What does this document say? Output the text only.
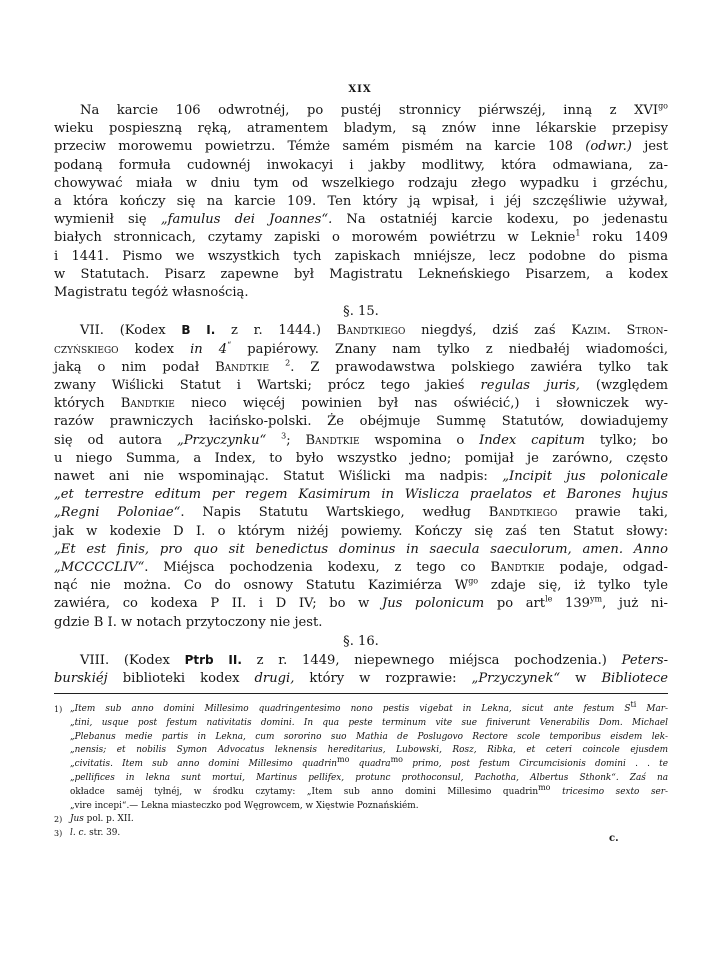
XIX

Na karcie 106 odwrotnéj, po pustéj stronnicy piérwszéj, inną z $XVI^{go}$
wieku pospieszną ręką, atramentem bladym, są znów inne lékarskie przepisy
przeciw morowemu powietrzu. Témże samém pismém na karcie 108 (odwr.) jest
podaną formuła cudownéj inwokacyi i jakby modlitwy, która odmawiana, za-
chowywać miała w dniu tym od wszelkiego rodzaju złego wypadku i grzéchu,
a która kończy się na karcie 109. Ten który ją wpisał, i jéj szczęśliwie używał,
wymienił się „famulus dei Joannes“. Na ostatniéj karcie kodexu, po jedenastu
białych stronnicach, czytamy zapiski o morowém powiétrzu w Leknie$^1$ roku 1409
i 1441. Pismo we wszystkich tych zapiskach mniéjsze, lecz podobne do pisma
w Statutach. Pisarz zapewne był Magistratu Lekneńskiego Pisarzem, a kodex
Magistratu tegóż własnością.

§. 15.

VII. (Kodex B I. z r. 1444.) Bandtkiego niegdyś, dziś zaś Kazim. Stron-
czyńskiego kodex in 4“ papiérowy. Znany nam tylko z niedbałéj wiadomości,
jaką o nim podał Bandtkie $^2$. Z prawodawstwa polskiego zawiéra tylko tak
zwany Wiślicki Statut i Wartski; prócz tego jakieś regulas juris, (względem
których Bandtkie nieco więcéj powinien był nas oświécić,) i słowniczek wy-
razów prawniczych łacińsko-polski. Że obéjmuje Summę Statutów, dowiadujemy
się od autora „Przyczynku“ $^3$; Bandtkie wspomina o Index capitum tylko; bo
u niego Summa, a Index, to było wszystko jedno; pomijał je zarówno, często
nawet ani nie wspominając. Statut Wiślicki ma nadpis: „Incipit jus polonicale
„et terrestre editum per regem Kasimirum in Wislicza praelatos et Barones hujus
„Regni Poloniae“. Napis Statutu Wartskiego, według Bandtkiego prawie taki,
jak w kodexie D I. o którym niżéj powiemy. Kończy się zaś ten Statut słowy:
„Et est finis, pro quo sit benedictus dominus in saecula saeculorum, amen. Anno
„MCCCCLIV“. Miéjsca pochodzenia kodexu, z tego co Bandtkie podaje, odgad-
nąć nie można. Co do osnowy Statutu Kazimiérza $W^{go}$ zdaje się, iż tylko tyle
zawiéra, co kodexa P II. i D IV; bo w Jus polonicum po art$^{le}$ $139^{ym}$, już ni-
gdzie B I. w notach przytoczony nie jest.

§. 16.

VIII. (Kodex Ptrb II. z r. 1449, niepewnego miéjsca pochodzenia.) Peters-
burskiéj biblioteki kodex drugi, który w rozprawie: „Przyczynek“ w Bibliotece

1) „Item sub anno domini Millesimo quadringentesimo nono pestis vigebat in Lekna, sicut ante festum $S^{ti}$ Mar-
„tini, usque post festum nativitatis domini. In qua peste terminum vite sue finiverunt Venerabilis Dom. Michael
„Plebanus medie partis in Lekna, cum sororino suo Mathia de Poslugovo Rectore scole temporibus eisdem lek-
„nensis; et nobilis Symon Advocatus leknensis hereditarius, Lubowski, Rosz, Ribka, et ceteri coincole ejusdem
„civitatis. Item sub anno domini Millesimo quadrin$^{mo}$ quadra$^{mo}$ primo, post festum Circumcisionis domini . . te
„pellifices in lekna sunt mortui, Martinus pellifex, protunc prothoconsul, Pachotha, Albertus Sthonk“. Zaś na
okładce samėj tyłnéj, w środku czytamy: „Item sub anno domini Millesimo quadrin$^{mo}$ tricesimo sexto ser-
„vire incepi“.— Lekna miasteczko pod Węgrowcem, w Xięstwie Poznańskiém.
2) Jus pol. p. XII.
3) l. c. str. 39.	c.
